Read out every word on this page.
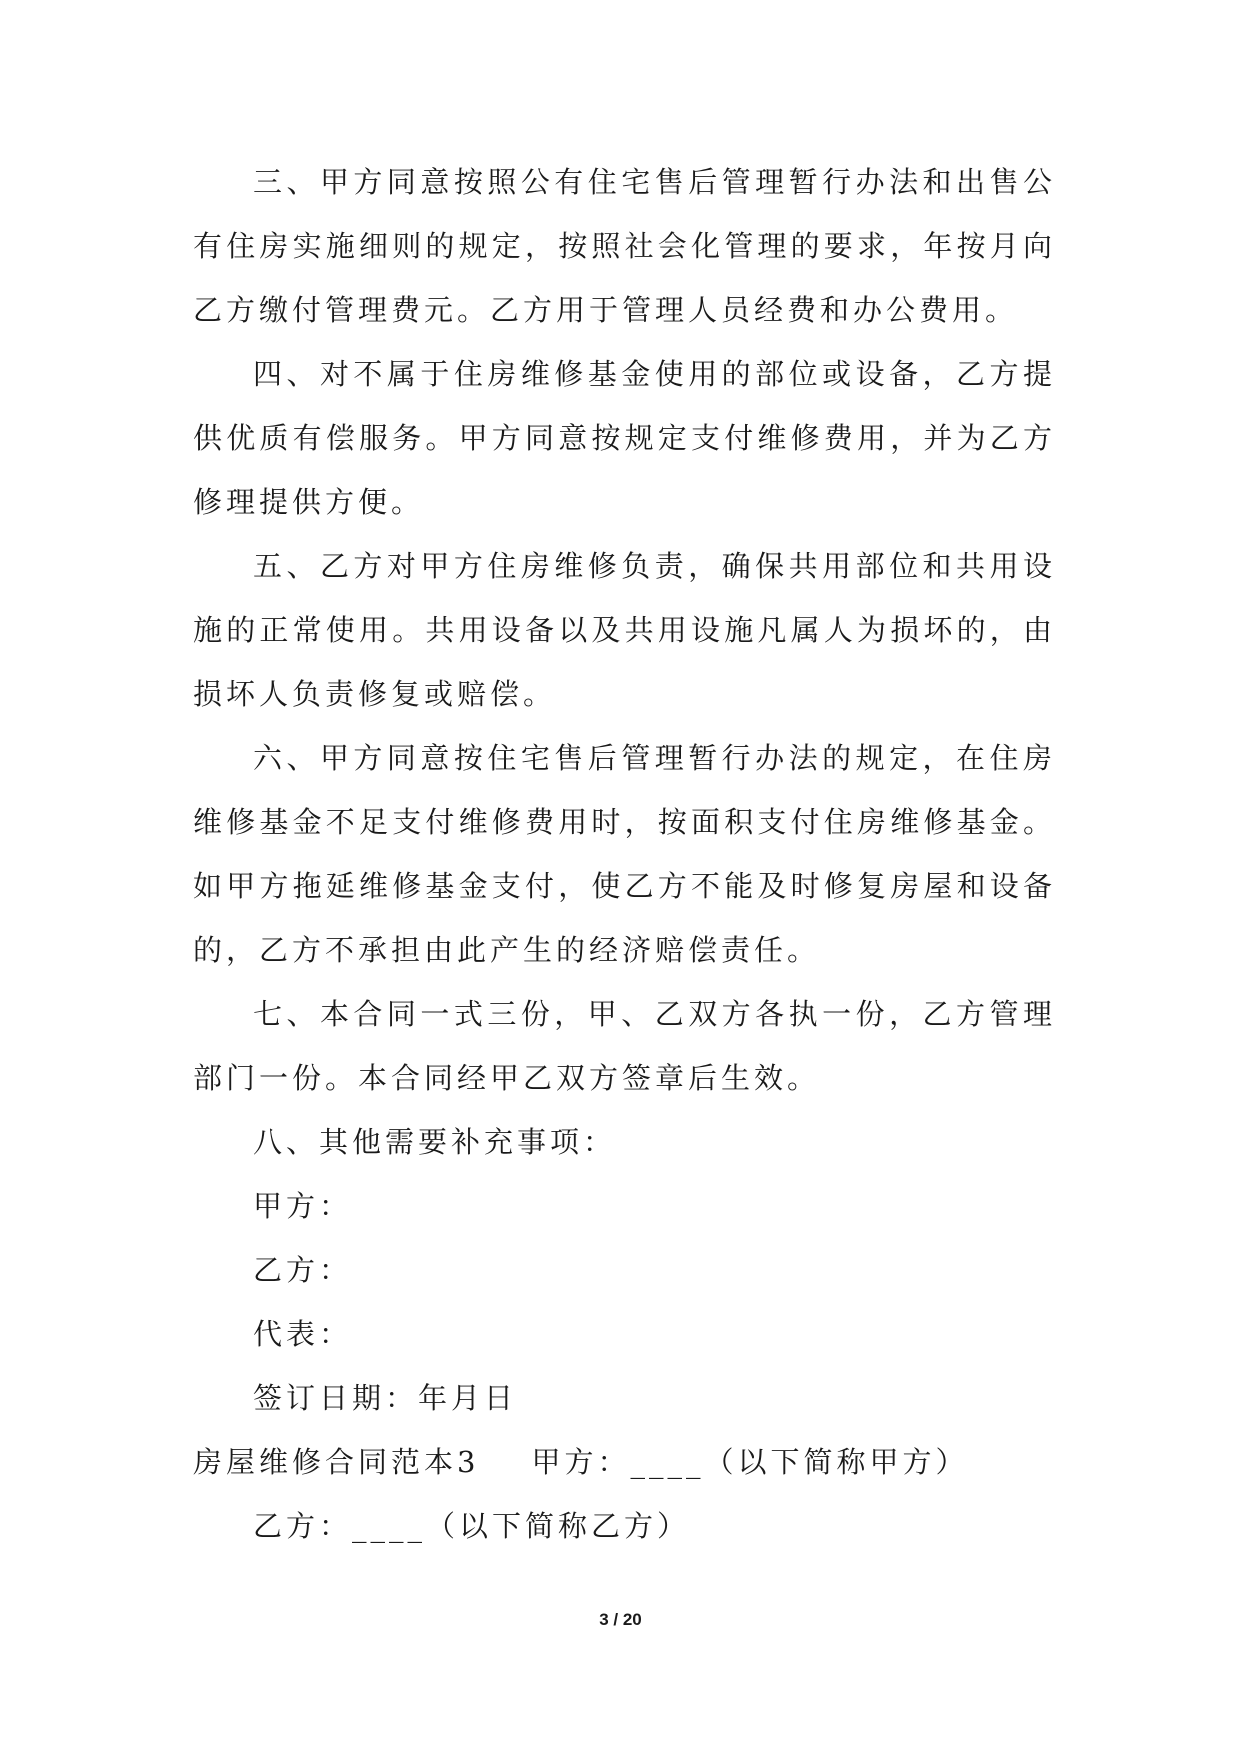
三、甲方同意按照公有住宅售后管理暂行办法和出售公有住房实施细则的规定，按照社会化管理的要求，年按月向乙方缴付管理费元。乙方用于管理人员经费和办公费用。

四、对不属于住房维修基金使用的部位或设备，乙方提供优质有偿服务。甲方同意按规定支付维修费用，并为乙方修理提供方便。

五、乙方对甲方住房维修负责，确保共用部位和共用设施的正常使用。共用设备以及共用设施凡属人为损坏的，由损坏人负责修复或赔偿。

六、甲方同意按住宅售后管理暂行办法的规定，在住房维修基金不足支付维修费用时，按面积支付住房维修基金。如甲方拖延维修基金支付，使乙方不能及时修复房屋和设备的，乙方不承担由此产生的经济赔偿责任。

七、本合同一式三份，甲、乙双方各执一份，乙方管理部门一份。本合同经甲乙双方签章后生效。

八、其他需要补充事项：

甲方：

乙方：

代表：

签订日期：年月日

房屋维修合同范本3 甲方：____（以下简称甲方）

乙方：____（以下简称乙方）

3 / 20
